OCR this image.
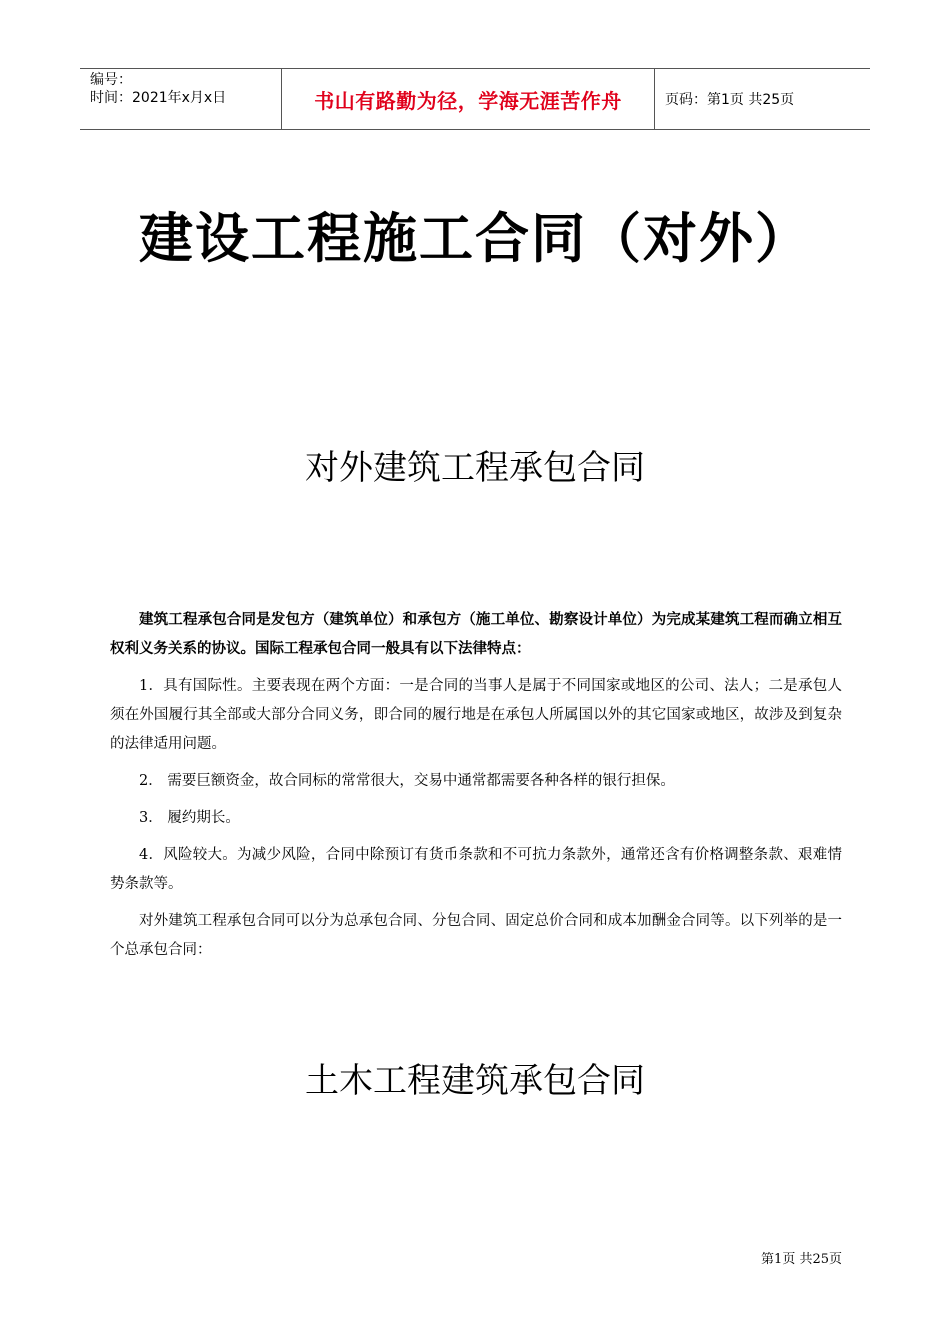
编号：
时间：2021年x月x日	书山有路勤为径，学海无涯苦作舟	页码：第1页 共25页
建设工程施工合同（对外）
对外建筑工程承包合同

建筑工程承包合同是发包方（建筑单位）和承包方（施工单位、勘察设计单位）为完成某建筑工程而确立相互权利义务关系的协议。国际工程承包合同一般具有以下法律特点：

1．具有国际性。主要表现在两个方面：一是合同的当事人是属于不同国家或地区的公司、法人；二是承包人须在外国履行其全部或大部分合同义务，即合同的履行地是在承包人所属国以外的其它国家或地区，故涉及到复杂的法律适用问题。

2． 需要巨额资金，故合同标的常常很大，交易中通常都需要各种各样的银行担保。

3． 履约期长。

4．风险较大。为减少风险，合同中除预订有货币条款和不可抗力条款外，通常还含有价格调整条款、艰难情势条款等。

对外建筑工程承包合同可以分为总承包合同、分包合同、固定总价合同和成本加酬金合同等。以下列举的是一个总承包合同：

土木工程建筑承包合同
第1页 共25页
